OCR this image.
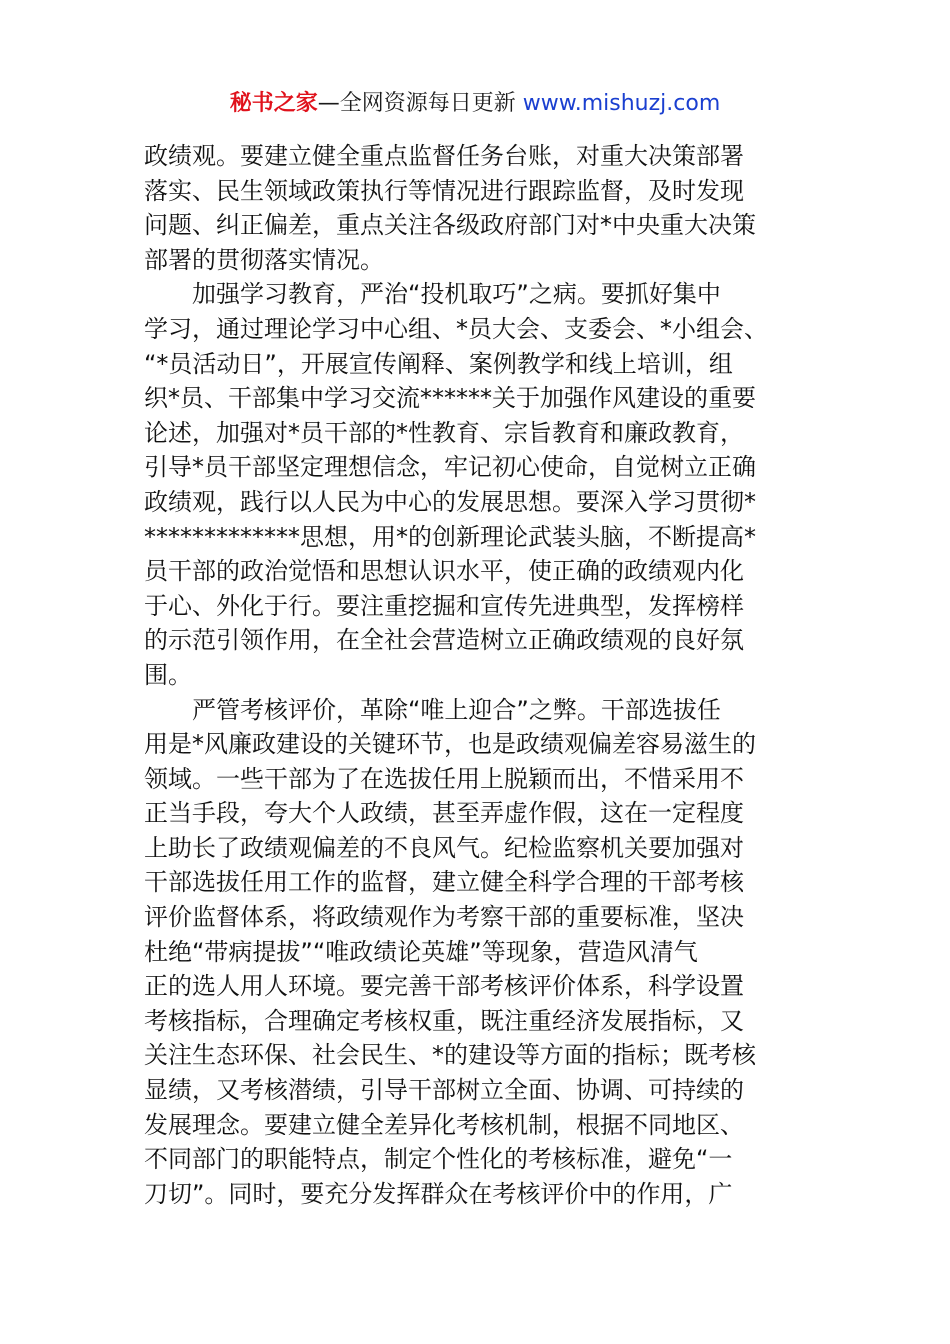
秘书之家—全网资源每日更新 www.mishuzj.com
政绩观。要建立健全重点监督任务台账，对重大决策部署
落实、民生领域政策执行等情况进行跟踪监督，及时发现
问题、纠正偏差，重点关注各级政府部门对*中央重大决策
部署的贯彻落实情况。
加强学习教育，严治“投机取巧”之病。要抓好集中
学习，通过理论学习中心组、*员大会、支委会、*小组会、
“*员活动日”，开展宣传阐释、案例教学和线上培训，组
织*员、干部集中学习交流******关于加强作风建设的重要
论述，加强对*员干部的*性教育、宗旨教育和廉政教育，
引导*员干部坚定理想信念，牢记初心使命，自觉树立正确
政绩观，践行以人民为中心的发展思想。要深入学习贯彻*
*************思想，用*的创新理论武装头脑，不断提高*
员干部的政治觉悟和思想认识水平，使正确的政绩观内化
于心、外化于行。要注重挖掘和宣传先进典型，发挥榜样
的示范引领作用，在全社会营造树立正确政绩观的良好氛
围。
严管考核评价，革除“唯上迎合”之弊。干部选拔任
用是*风廉政建设的关键环节，也是政绩观偏差容易滋生的
领域。一些干部为了在选拔任用上脱颖而出，不惜采用不
正当手段，夸大个人政绩，甚至弄虚作假，这在一定程度
上助长了政绩观偏差的不良风气。纪检监察机关要加强对
干部选拔任用工作的监督，建立健全科学合理的干部考核
评价监督体系，将政绩观作为考察干部的重要标准，坚决
杜绝“带病提拔”“唯政绩论英雄”等现象，营造风清气
正的选人用人环境。要完善干部考核评价体系，科学设置
考核指标，合理确定考核权重，既注重经济发展指标，又
关注生态环保、社会民生、*的建设等方面的指标；既考核
显绩，又考核潜绩，引导干部树立全面、协调、可持续的
发展理念。要建立健全差异化考核机制，根据不同地区、
不同部门的职能特点，制定个性化的考核标准，避免“一
刀切”。同时，要充分发挥群众在考核评价中的作用，广
